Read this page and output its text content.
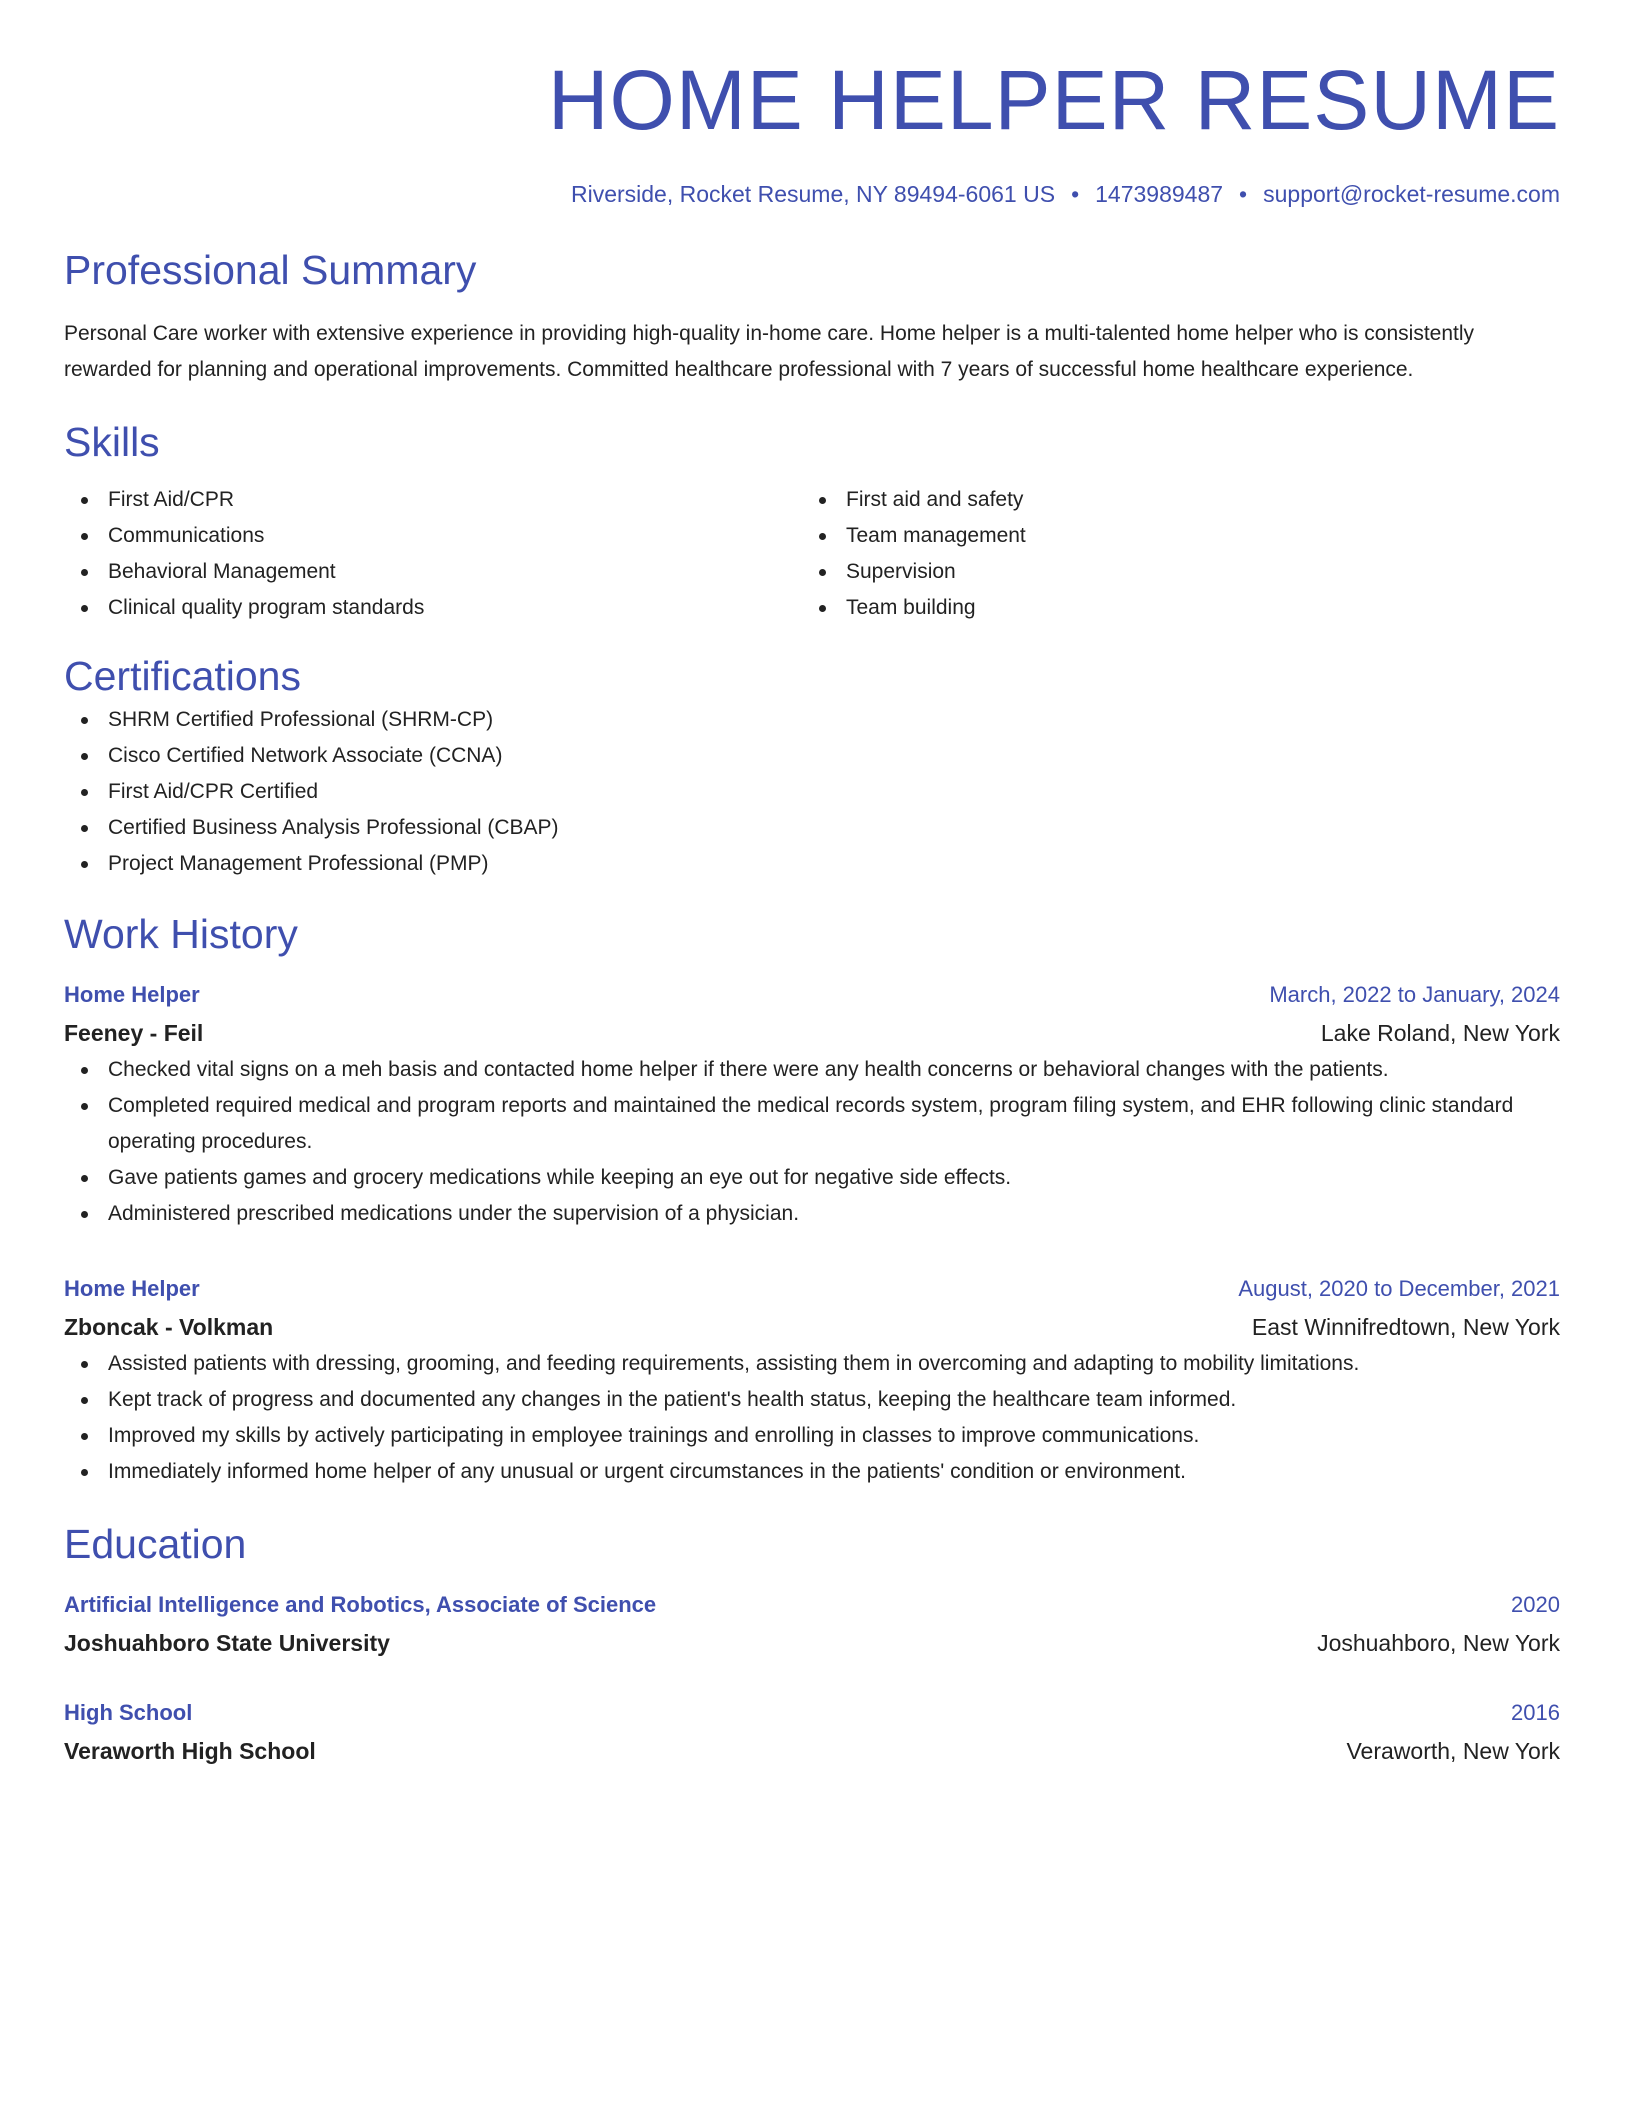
HOME HELPER RESUME
Riverside, Rocket Resume, NY 89494-6061 US • 1473989487 • support@rocket-resume.com
Professional Summary
Personal Care worker with extensive experience in providing high-quality in-home care. Home helper is a multi-talented home helper who is consistently rewarded for planning and operational improvements. Committed healthcare professional with 7 years of successful home healthcare experience.
Skills
First Aid/CPR
Communications
Behavioral Management
Clinical quality program standards
First aid and safety
Team management
Supervision
Team building
Certifications
SHRM Certified Professional (SHRM-CP)
Cisco Certified Network Associate (CCNA)
First Aid/CPR Certified
Certified Business Analysis Professional (CBAP)
Project Management Professional (PMP)
Work History
Home Helper	March, 2022 to January, 2024
Feeney - Feil	Lake Roland, New York
Checked vital signs on a meh basis and contacted home helper if there were any health concerns or behavioral changes with the patients.
Completed required medical and program reports and maintained the medical records system, program filing system, and EHR following clinic standard operating procedures.
Gave patients games and grocery medications while keeping an eye out for negative side effects.
Administered prescribed medications under the supervision of a physician.
Home Helper	August, 2020 to December, 2021
Zboncak - Volkman	East Winnifredtown, New York
Assisted patients with dressing, grooming, and feeding requirements, assisting them in overcoming and adapting to mobility limitations.
Kept track of progress and documented any changes in the patient's health status, keeping the healthcare team informed.
Improved my skills by actively participating in employee trainings and enrolling in classes to improve communications.
Immediately informed home helper of any unusual or urgent circumstances in the patients' condition or environment.
Education
Artificial Intelligence and Robotics, Associate of Science	2020
Joshuahboro State University	Joshuahboro, New York
High School	2016
Veraworth High School	Veraworth, New York
